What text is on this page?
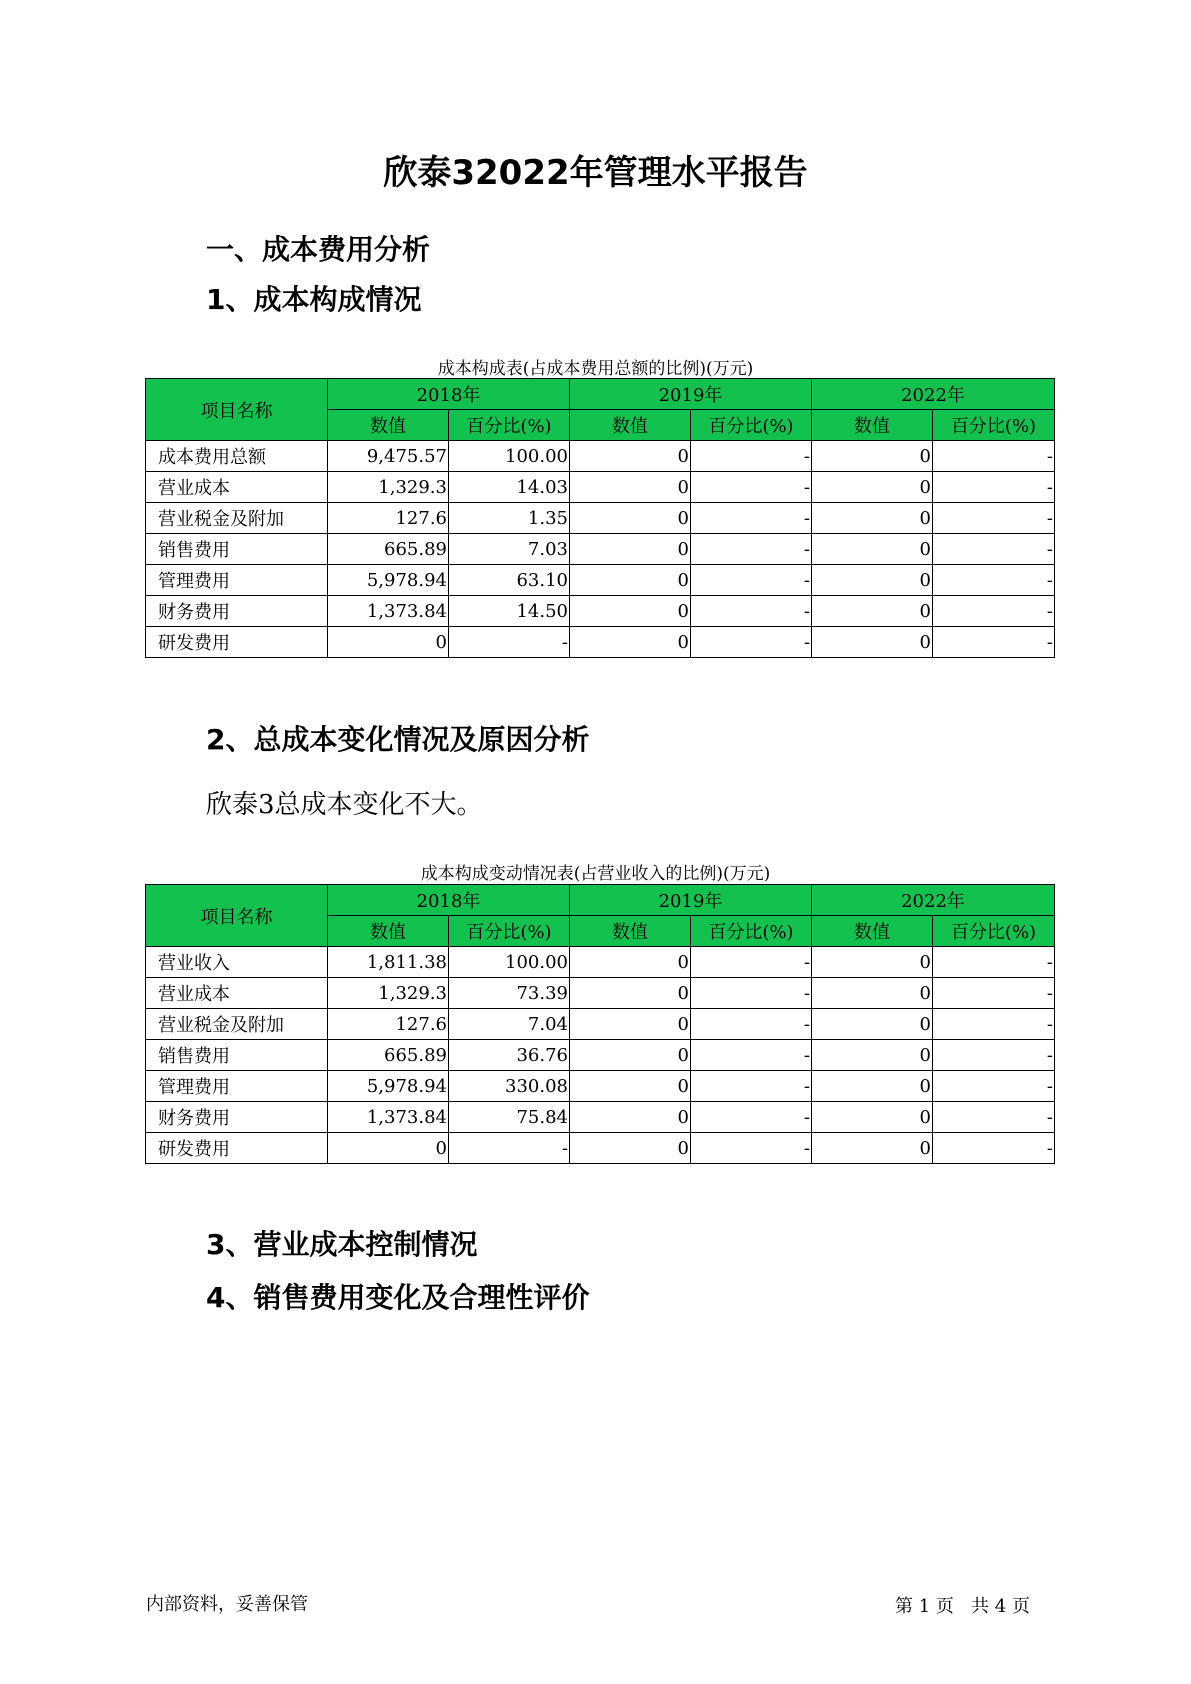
欣泰32022年管理水平报告
一、成本费用分析
1、成本构成情况
成本构成表(占成本费用总额的比例)(万元)
项目名称	2018年		2019年		2022年	
	数值	百分比(%)	数值	百分比(%)	数值	百分比(%)
成本费用总额	9,475.57	100.00	0	-	0	-
营业成本	1,329.3	14.03	0	-	0	-
营业税金及附加	127.6	1.35	0	-	0	-
销售费用	665.89	7.03	0	-	0	-
管理费用	5,978.94	63.10	0	-	0	-
财务费用	1,373.84	14.50	0	-	0	-
研发费用	0	-	0	-	0	-
2、总成本变化情况及原因分析
欣泰3总成本变化不大。
成本构成变动情况表(占营业收入的比例)(万元)
项目名称	2018年		2019年		2022年	
	数值	百分比(%)	数值	百分比(%)	数值	百分比(%)
营业收入	1,811.38	100.00	0	-	0	-
营业成本	1,329.3	73.39	0	-	0	-
营业税金及附加	127.6	7.04	0	-	0	-
销售费用	665.89	36.76	0	-	0	-
管理费用	5,978.94	330.08	0	-	0	-
财务费用	1,373.84	75.84	0	-	0	-
研发费用	0	-	0	-	0	-
3、营业成本控制情况
4、销售费用变化及合理性评价
内部资料，妥善保管	第 1 页   共 4 页
